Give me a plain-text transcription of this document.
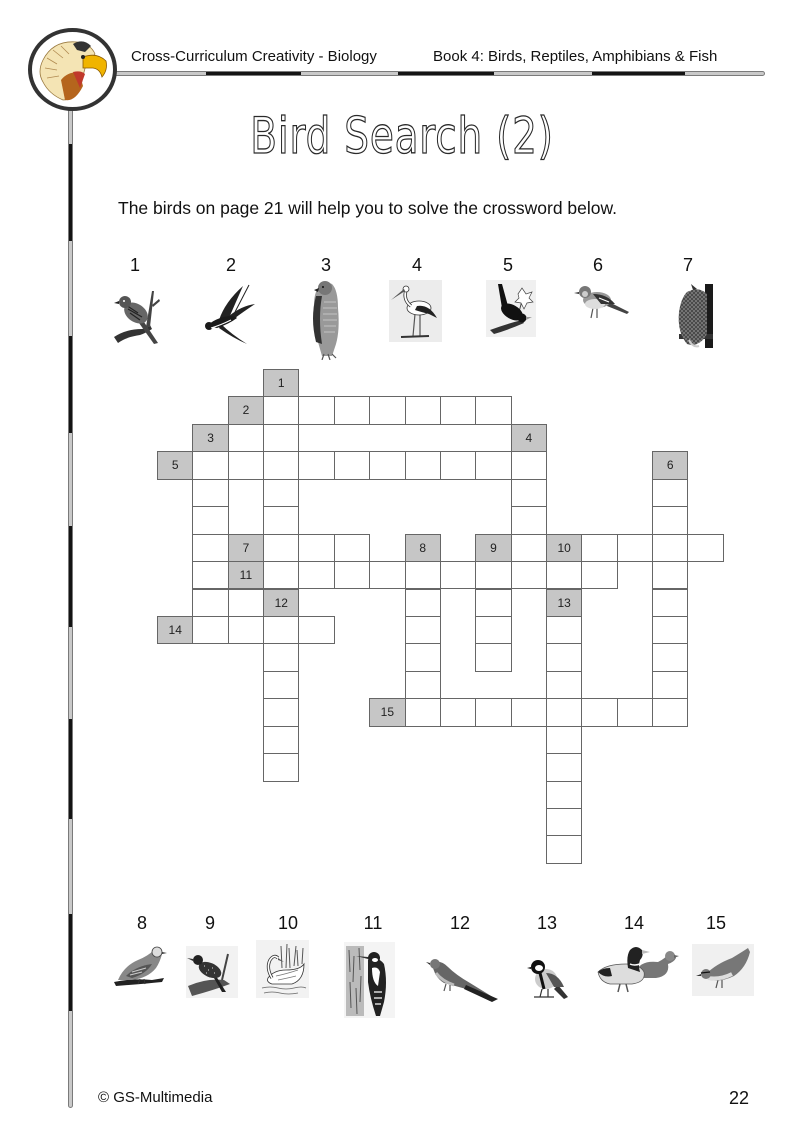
Cross-Curriculum Creativity - Biology	Book 4: Birds, Reptiles, Amphibians & Fish
Bird Search (2)
The birds on page 21 will help you to solve the crossword below.
1	2	3	4	5	6	7
1
2
3	4
5	6
7	8	9	10
11
12	13
14
15
8	9	10	11	12	13	14	15
© GS-Multimedia	22
